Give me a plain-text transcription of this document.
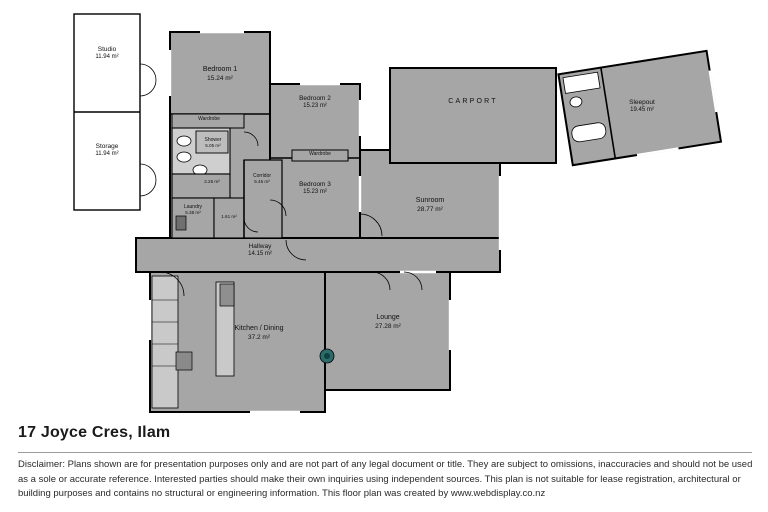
Studio
11.94 m²
Storage
11.94 m²
Bedroom 1
15.24 m²
Bedroom 2
15.23 m²
Bedroom 3
15.23 m²
Wardrobe
Wardrobe
Shower
5.05 m²
2.26 m²
Corridor
5.45 m²
Laundry
5.38 m²
1.61 m²
Hallway
14.15 m²
Kitchen / Dining
37.2 m²
Lounge
27.28 m²
Sunroom
28.77 m²
CARPORT	Sleepout
19.45 m²
17 Joyce Cres, Ilam
Disclaimer: Plans shown are for presentation purposes only and are not part of any legal document or title. They are subject to omissions, inaccuracies and should not be used as a sole or accurate reference. Interested parties should make their own inquiries using independent sources. This plan is not suitable for lease registration, architectural or building purposes and contains no structural or engineering information. This floor plan was created by www.webdisplay.co.nz
